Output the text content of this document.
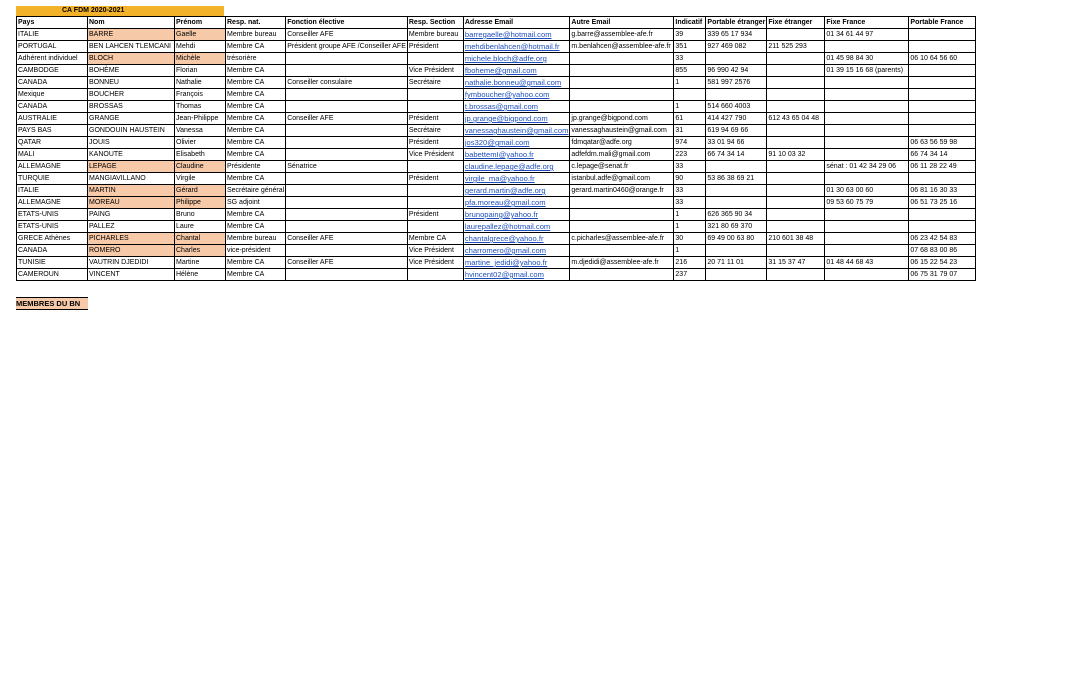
CA FDM 2020-2021
Pays	Nom	Prénom	Resp. nat.	Fonction élective	Resp. Section	Adresse Email	Autre Email	Indicatif	Portable étranger	Fixe étranger	Fixe France	Portable France
ITALIE	BARRE	Gaelle	Membre bureau	Conseiller AFE	Membre bureau	barregaelle@hotmail.com	g.barre@assemblee-afe.fr	39	339 65 17 934		01 34 61 44 97	
PORTUGAL	BEN LAHCEN TLEMCANI	Mehdi	Membre CA	Président groupe AFE /Conseiller AFE	Président	mehdibenlahcen@hotmail.fr	m.benlahcen@assemblee-afe.fr	351	927 469 082	211 525 293		
Adhérent individuel	BLOCH	Michèle	trésorière			michele.bloch@adfe.org		33			01 45 98 84 30	06 10 64 56 60
CAMBODGE	BOHÈME	Florian	Membre CA		Vice Président	fboheme@gmail.com		855	96 990 42 94		01 39 15 16 68 (parents)	
CANADA	BONNEU	Nathalie	Membre CA	Conseiller consulaire	Secrétaire	nathalie.bonneu@gmail.com		1	581 997 2576			
Mexique	BOUCHER	François	Membre CA			fymboucher@yahoo.com						
CANADA	BROSSAS	Thomas	Membre CA			t.brossas@gmail.com		1	514 660 4003			
AUSTRALIE	GRANGE	Jean-Philippe	Membre CA	Conseiller AFE	Président	jp.grange@bigpond.com	jp.grange@bigpond.com	61	414 427 790	612 43 65 04 48		
PAYS BAS	GONDOUIN HAUSTEIN	Vanessa	Membre CA		Secrétaire	vanessaghaustein@gmail.com	vanessaghaustein@gmail.com	31	619 94 69 66			
QATAR	JOUIS	Olivier	Membre CA		Président	jos320@gmail.com	fdmqatar@adfe.org	974	33 01 94 66			06 63 56 59 98
MALI	KANOUTE	Elisabeth	Membre CA		Vice Président	babettemI@yahoo.fr	adfefdm.mali@gmail.com	223	66 74 34 14	91 10 03 32		66 74 34 14
ALLEMAGNE	LEPAGE	Claudine	Présidente	Sénatrice		claudine.lepage@adfe.org	c.lepage@senat.fr	33			sénat : 01 42 34 29 06	06 11 28 22 49
TURQUIE	MANGIAVILLANO	Virgile	Membre CA		Président	virgile_ma@yahoo.fr	istanbul.adfe@gmail.com	90	53 86 38 69 21			
ITALIE	MARTIN	Gérard	Secrétaire général			gerard.martin@adfe.org	gerard.martin0460@orange.fr	33			01 30 63 00 60	06 81 16 30 33
ALLEMAGNE	MOREAU	Philippe	SG adjoint			pfa.moreau@gmail.com		33			09 53 60 75 79	06 51 73 25 16
ETATS-UNIS	PAING	Bruno	Membre CA		Président	brunopaing@yahoo.fr		1	626 365 90 34			
ETATS-UNIS	PALLEZ	Laure	Membre CA			laurepallez@hotmail.com		1	321 80 69 370			
GRECE Athènes	PICHARLES	Chantal	Membre bureau	Conseiller AFE	Membre CA	chantalgrece@yahoo.fr	c.picharles@assemblee-afe.fr	30	69 49 00 63 80	210 601 38 48		06 23 42 54 83
CANADA	ROMERO	Charles	vice-président		Vice Président	charromero@gmail.com		1				07 68 83 00 86
TUNISIE	VAUTRIN DJEDIDI	Martine	Membre CA	Conseiller AFE	Vice Président	martine_jedidi@yahoo.fr	m.djedidi@assemblee-afe.fr	216	20 71 11 01	31 15 37 47	01 48 44 68 43	06 15 22 54 23
CAMEROUN	VINCENT	Hélène	Membre CA			hvincent02@gmail.com		237				06 75 31 79 07
MEMBRES DU BN
